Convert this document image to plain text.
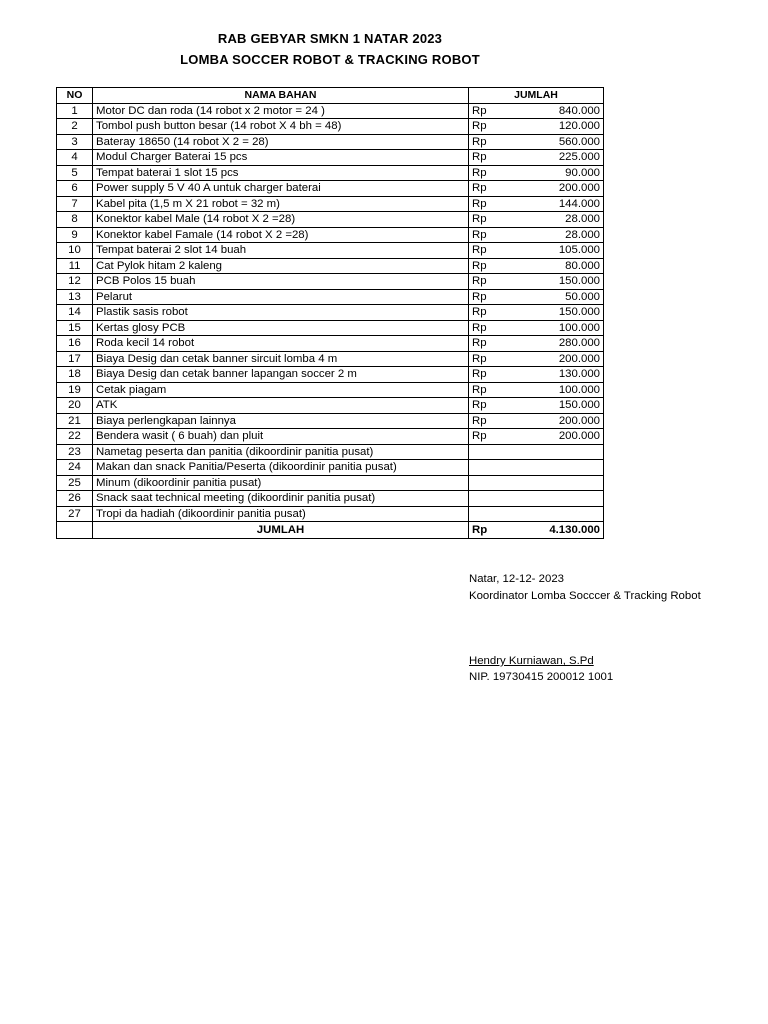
RAB GEBYAR SMKN 1 NATAR 2023
LOMBA SOCCER ROBOT & TRACKING ROBOT
NO	NAMA BAHAN	JUMLAH	
1	Motor DC dan roda (14 robot x 2 motor = 24 )	Rp	840.000
2	Tombol push button besar (14 robot X 4 bh = 48)	Rp	120.000
3	Bateray 18650 (14 robot X 2 = 28)	Rp	560.000
4	Modul Charger Baterai 15 pcs	Rp	225.000
5	Tempat baterai 1 slot 15 pcs	Rp	90.000
6	Power supply 5 V 40 A untuk charger baterai	Rp	200.000
7	Kabel pita (1,5 m X 21 robot = 32 m)	Rp	144.000
8	Konektor kabel Male (14 robot X 2 =28)	Rp	28.000
9	Konektor kabel Famale (14 robot X 2 =28)	Rp	28.000
10	Tempat baterai 2 slot 14 buah	Rp	105.000
11	Cat Pylok hitam 2 kaleng	Rp	80.000
12	PCB Polos 15 buah	Rp	150.000
13	Pelarut	Rp	50.000
14	Plastik sasis robot	Rp	150.000
15	Kertas glosy PCB	Rp	100.000
16	Roda kecil 14 robot	Rp	280.000
17	Biaya Desig dan cetak banner sircuit lomba 4 m	Rp	200.000
18	Biaya Desig dan cetak banner lapangan soccer 2 m	Rp	130.000
19	Cetak piagam	Rp	100.000
20	ATK	Rp	150.000
21	Biaya perlengkapan lainnya	Rp	200.000
22	Bendera wasit ( 6 buah) dan pluit	Rp	200.000
23	Nametag peserta dan panitia (dikoordinir panitia pusat)		
24	Makan dan snack Panitia/Peserta (dikoordinir panitia pusat)		
25	Minum (dikoordinir panitia pusat)		
26	Snack saat technical meeting (dikoordinir panitia pusat)		
27	Tropi da hadiah (dikoordinir panitia pusat)		
	JUMLAH	Rp	4.130.000
Natar, 12-12- 2023
Koordinator Lomba Socccer & Tracking Robot
Hendry Kurniawan, S.Pd
NIP. 19730415 200012 1001
